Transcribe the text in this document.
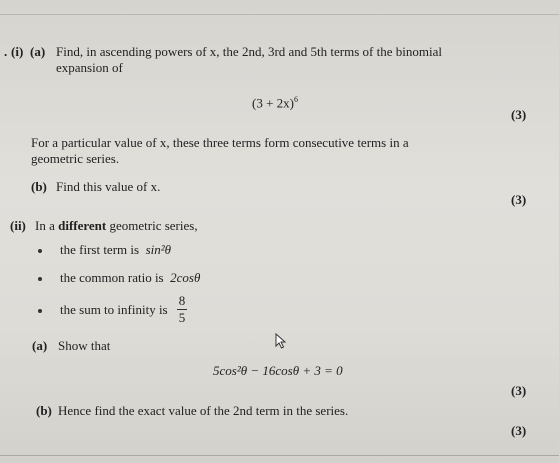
. (i) (a) Find, in ascending powers of x, the 2nd, 3rd and 5th terms of the binomial
expansion of
$(3 + 2x)^6$
(3)
For a particular value of x, these three terms form consecutive terms in a
geometric series.
(b) Find this value of x.
(3)
(ii) In a different geometric series,
the first term is sin²θ
the common ratio is 2cosθ
the sum to infinity is
8
5
(a) Show that
5cos²θ − 16cosθ + 3 = 0
(3)
(b) Hence find the exact value of the 2nd term in the series.
(3)
